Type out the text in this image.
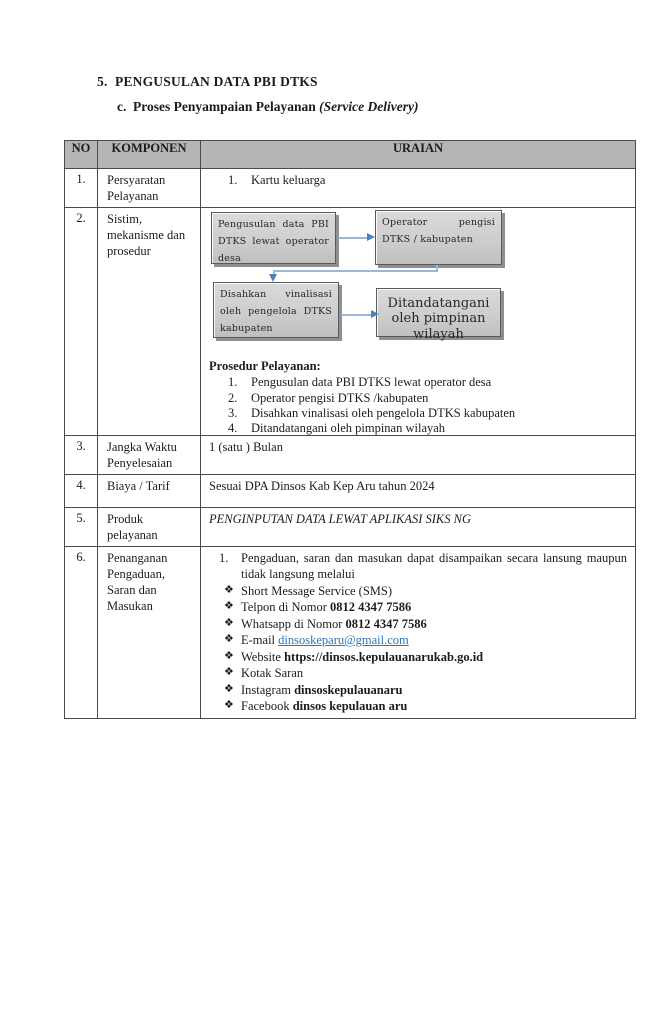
5. PENGUSULAN DATA PBI DTKS
c. Proses Penyampaian Pelayanan (Service Delivery)
NO	KOMPONEN	URAIAN
1.	Persyaratan Pelayanan	1. Kartu keluarga

2.	Sistim, mekanisme dan prosedur	
Pengusulan data PBI DTKS lewat operator desa
Operator pengisi DTKS / kabupaten
Disahkan vinalisasi oleh pengelola DTKS kabupaten
Ditandatangani oleh pimpinan wilayah
Prosedur Pelayanan:
1.	Pengusulan data PBI DTKS lewat operator desa
2.	Operator pengisi DTKS /kabupaten
3.	Disahkan vinalisasi oleh pengelola DTKS kabupaten
4.	Ditandatangani oleh pimpinan wilayah

3.	Jangka Waktu Penyelesaian	1 (satu ) Bulan
4.	Biaya / Tarif	Sesuai DPA Dinsos Kab Kep Aru tahun 2024
5.	Produk pelayanan	PENGINPUTAN DATA LEWAT APLIKASI SIKS NG
6.	Penanganan Pengaduan, Saran dan Masukan	
1.	Pengaduan, saran dan masukan dapat disampaikan secara lansung maupun tidak langsung melalui
❖ Short Message Service (SMS)
❖ Telpon di Nomor 0812 4347 7586
❖ Whatsapp di Nomor 0812 4347 7586
❖ E-mail dinsoskeparu@gmail.com
❖ Website https://dinsos.kepulauanarukab.go.id
❖ Kotak Saran
❖ Instagram dinsoskepulauanaru
❖ Facebook dinsos kepulauan aru
